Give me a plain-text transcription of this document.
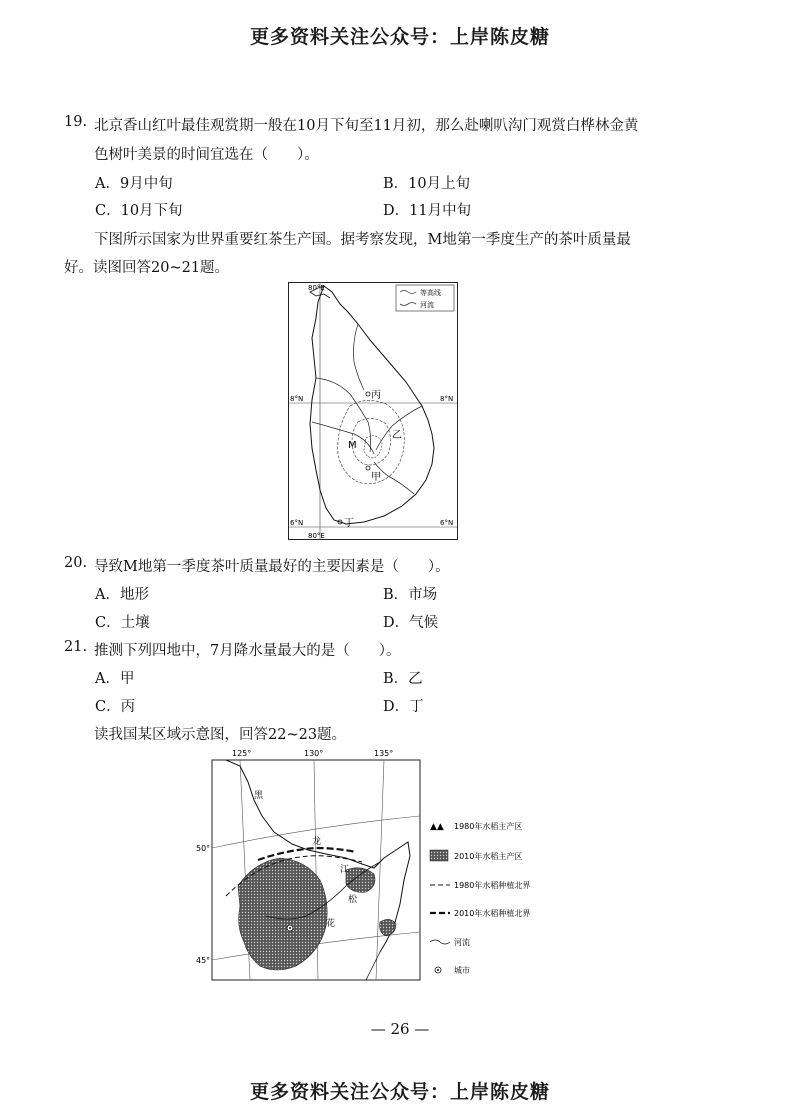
更多资料关注公众号：上岸陈皮糖
19. 北京香山红叶最佳观赏期一般在10月下旬至11月初，那么赴喇叭沟门观赏白桦林金黄
色树叶美景的时间宜选在（　　）。
A．9月中旬	B．10月上旬
C．10月下旬	D．11月中旬
下图所示国家为世界重要红茶生产国。据考察发现，M地第一季度生产的茶叶质量最
好。读图回答20~21题。
等高线
河流
80°E
80°E
8°N	8°N
6°N	6°N
丙
M
乙
甲
丁
20. 导致M地第一季度茶叶质量最好的主要因素是（　　）。
A．地形	B．市场
C．土壤	D．气候
21. 推测下列四地中，7月降水量最大的是（　　）。
A．甲	B．乙
C．丙	D．丁
读我国某区域示意图，回答22~23题。
125°	130°	135°
50°
45°
黑
龙
江
松
花
▲▲ 1980年水稻主产区
2010年水稻主产区
1980年水稻种植北界
2010年水稻种植北界
河流
城市
— 26 —
更多资料关注公众号：上岸陈皮糖
